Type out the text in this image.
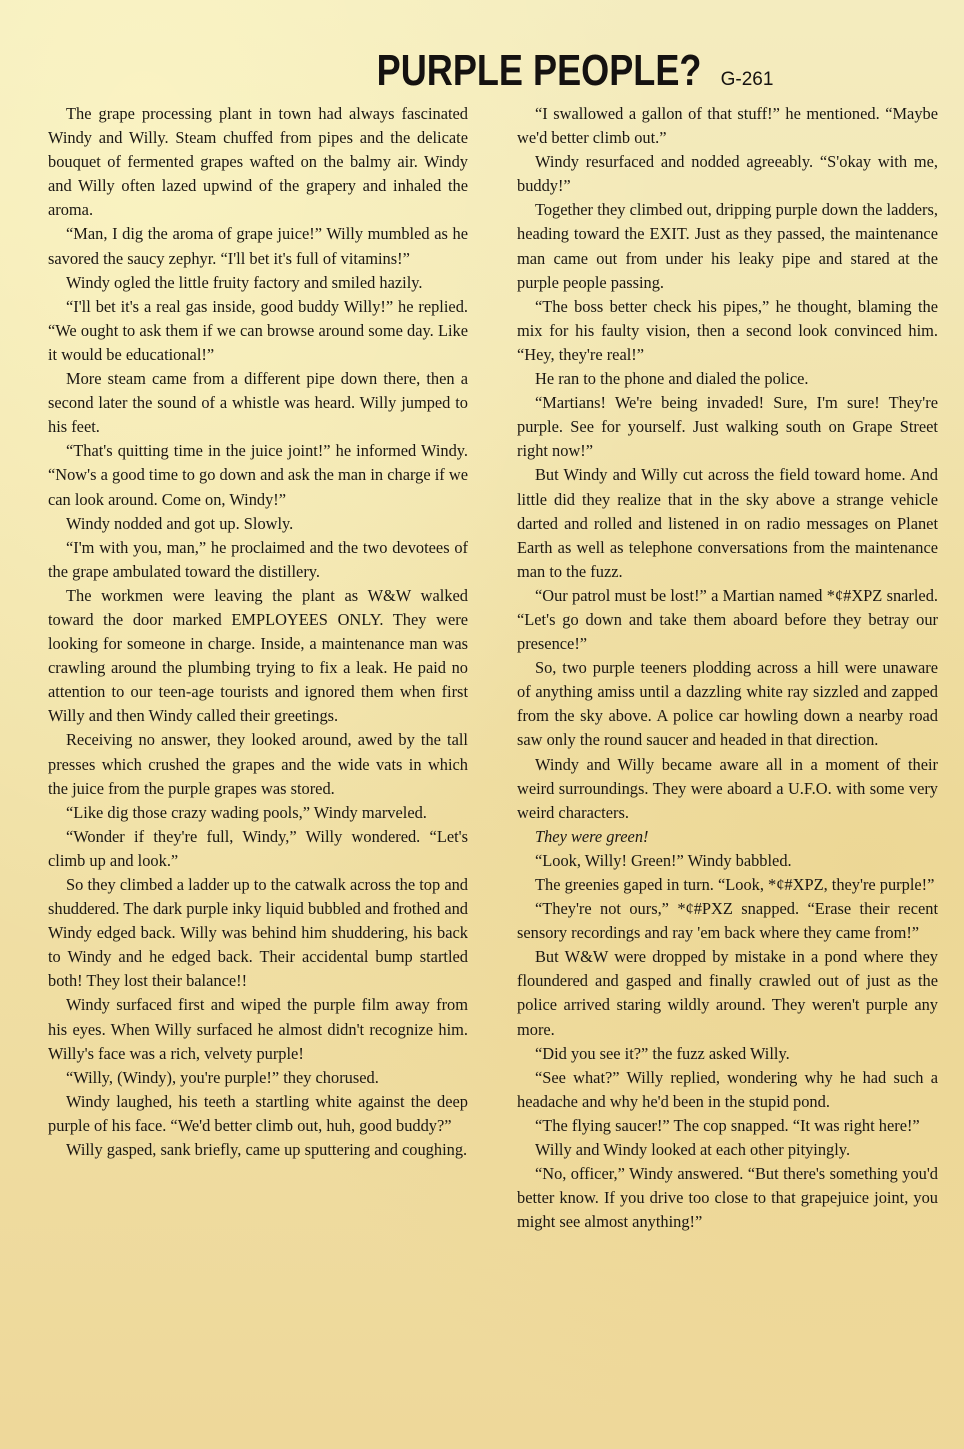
PURPLE PEOPLE? G-261

The grape processing plant in town had always fascinated Windy and Willy. Steam chuffed from pipes and the delicate bouquet of fermented grapes wafted on the balmy air. Windy and Willy often lazed upwind of the grapery and inhaled the aroma.

“Man, I dig the aroma of grape juice!” Willy mumbled as he savored the saucy zephyr. “I'll bet it's full of vitamins!”

Windy ogled the little fruity factory and smiled hazily.

“I'll bet it's a real gas inside, good buddy Willy!” he replied. “We ought to ask them if we can browse around some day. Like it would be educational!”

More steam came from a different pipe down there, then a second later the sound of a whistle was heard. Willy jumped to his feet.

“That's quitting time in the juice joint!” he informed Windy. “Now's a good time to go down and ask the man in charge if we can look around. Come on, Windy!”

Windy nodded and got up. Slowly.

“I'm with you, man,” he proclaimed and the two devotees of the grape ambulated toward the distillery.

The workmen were leaving the plant as W&W walked toward the door marked EMPLOYEES ONLY. They were looking for someone in charge. Inside, a maintenance man was crawling around the plumbing trying to fix a leak. He paid no attention to our teen-age tourists and ignored them when first Willy and then Windy called their greetings.

Receiving no answer, they looked around, awed by the tall presses which crushed the grapes and the wide vats in which the juice from the purple grapes was stored.

“Like dig those crazy wading pools,” Windy marveled.

“Wonder if they're full, Windy,” Willy wondered. “Let's climb up and look.”

So they climbed a ladder up to the catwalk across the top and shuddered. The dark purple inky liquid bubbled and frothed and Windy edged back. Willy was behind him shuddering, his back to Windy and he edged back. Their accidental bump startled both! They lost their balance!!

Windy surfaced first and wiped the purple film away from his eyes. When Willy surfaced he almost didn't recognize him. Willy's face was a rich, velvety purple!

“Willy, (Windy), you're purple!” they chorused.

Windy laughed, his teeth a startling white against the deep purple of his face. “We'd better climb out, huh, good buddy?”

Willy gasped, sank briefly, came up sputtering and coughing.

“I swallowed a gallon of that stuff!” he mentioned. “Maybe we'd better climb out.”

Windy resurfaced and nodded agreeably. “S'okay with me, buddy!”

Together they climbed out, dripping purple down the ladders, heading toward the EXIT. Just as they passed, the maintenance man came out from under his leaky pipe and stared at the purple people passing.

“The boss better check his pipes,” he thought, blaming the mix for his faulty vision, then a second look convinced him. “Hey, they're real!”

He ran to the phone and dialed the police.

“Martians! We're being invaded! Sure, I'm sure! They're purple. See for yourself. Just walking south on Grape Street right now!”

But Windy and Willy cut across the field toward home. And little did they realize that in the sky above a strange vehicle darted and rolled and listened in on radio messages on Planet Earth as well as telephone conversations from the maintenance man to the fuzz.

“Our patrol must be lost!” a Martian named *¢#XPZ snarled. “Let's go down and take them aboard before they betray our presence!”

So, two purple teeners plodding across a hill were unaware of anything amiss until a dazzling white ray sizzled and zapped from the sky above. A police car howling down a nearby road saw only the round saucer and headed in that direction.

Windy and Willy became aware all in a moment of their weird surroundings. They were aboard a U.F.O. with some very weird characters.

They were green!

“Look, Willy! Green!” Windy babbled.

The greenies gaped in turn. “Look, *¢#XPZ, they're purple!”

“They're not ours,” *¢#PXZ snapped. “Erase their recent sensory recordings and ray 'em back where they came from!”

But W&W were dropped by mistake in a pond where they floundered and gasped and finally crawled out of just as the police arrived staring wildly around. They weren't purple any more.

“Did you see it?” the fuzz asked Willy.

“See what?” Willy replied, wondering why he had such a headache and why he'd been in the stupid pond.

“The flying saucer!” The cop snapped. “It was right here!”

Willy and Windy looked at each other pityingly.

“No, officer,” Windy answered. “But there's something you'd better know. If you drive too close to that grapejuice joint, you might see almost anything!”
